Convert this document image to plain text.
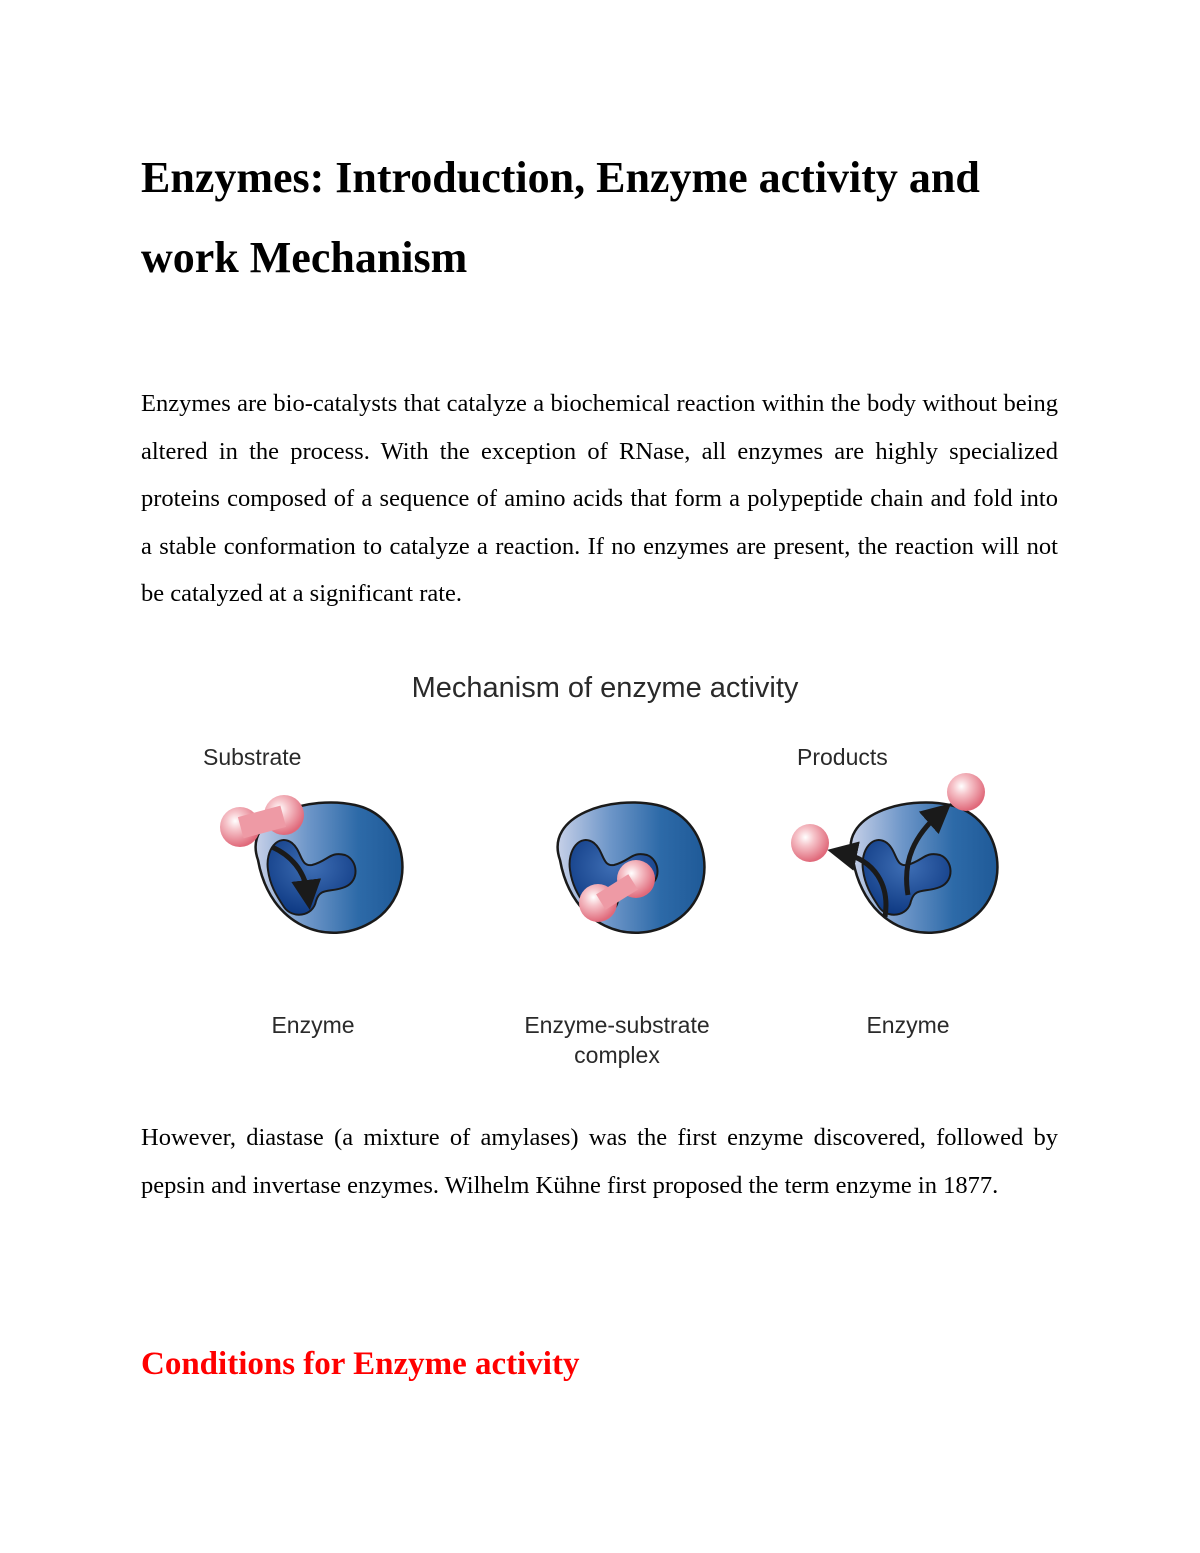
Enzymes: Introduction, Enzyme activity and work Mechanism

Enzymes are bio-catalysts that catalyze a biochemical reaction within the body without being altered in the process. With the exception of RNase, all enzymes are highly specialized proteins composed of a sequence of amino acids that form a polypeptide chain and fold into a stable conformation to catalyze a reaction. If no enzymes are present, the reaction will not be catalyzed at a significant rate.

Mechanism of enzyme activity
Substrate
Enzyme	Enzyme-substrate
complex
Products
Enzyme

However, diastase (a mixture of amylases) was the first enzyme discovered, followed by pepsin and invertase enzymes. Wilhelm Kühne first proposed the term enzyme in 1877.

Conditions for Enzyme activity
